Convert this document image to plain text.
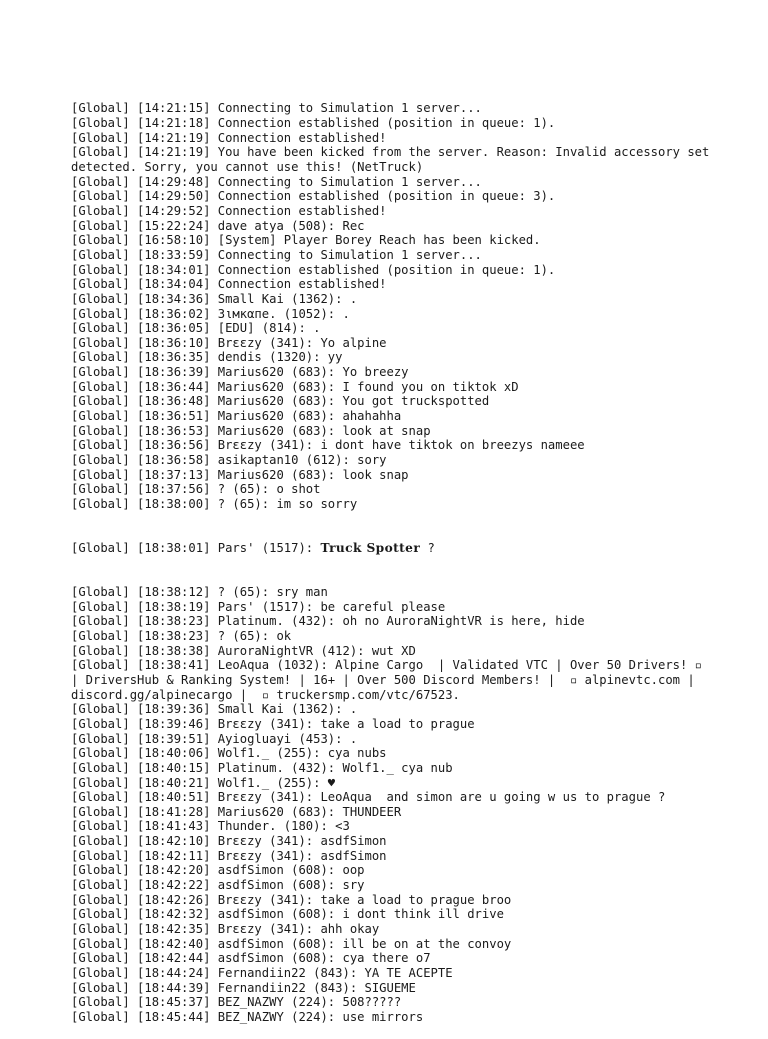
[Global] [14:21:15] Connecting to Simulation 1 server...
[Global] [14:21:18] Connection established (position in queue: 1).
[Global] [14:21:19] Connection established!
[Global] [14:21:19] You have been kicked from the server. Reason: Invalid accessory set detected. Sorry, you cannot use this! (NetTruck)
[Global] [14:29:48] Connecting to Simulation 1 server...
[Global] [14:29:50] Connection established (position in queue: 3).
[Global] [14:29:52] Connection established!
[Global] [15:22:24] dave atya (508): Rec
[Global] [16:58:10] [System] Player Borey Reach has been kicked.
[Global] [18:33:59] Connecting to Simulation 1 server...
[Global] [18:34:01] Connection established (position in queue: 1).
[Global] [18:34:04] Connection established!
[Global] [18:34:36] Small Kai (1362): .
[Global] [18:36:02] Зιмкαпе. (1052): .
[Global] [18:36:05] [EDU] (814): .
[Global] [18:36:10] Brεεzy (341): Yo alpine
[Global] [18:36:35] dendis (1320): yy
[Global] [18:36:39] Marius620 (683): Yo breezy
[Global] [18:36:44] Marius620 (683): I found you on tiktok xD
[Global] [18:36:48] Marius620 (683): You got truckspotted
[Global] [18:36:51] Marius620 (683): ahahahha
[Global] [18:36:53] Marius620 (683): look at snap
[Global] [18:36:56] Brεεzy (341): i dont have tiktok on breezys nameee
[Global] [18:36:58] asikaptan10 (612): sory
[Global] [18:37:13] Marius620 (683): look snap
[Global] [18:37:56] ? (65): o shot
[Global] [18:38:00] ? (65): im so sorry

[Global] [18:38:01] Pars' (1517): Truck Spotter ?

[Global] [18:38:12] ? (65): sry man
[Global] [18:38:19] Pars' (1517): be careful please
[Global] [18:38:23] Platinum. (432): oh no AuroraNightVR is here, hide
[Global] [18:38:23] ? (65): ok
[Global] [18:38:38] AuroraNightVR (412): wut XD
[Global] [18:38:41] LeoAqua (1032): Alpine Cargo  | Validated VTC | Over 50 Drivers! ▫  | DriversHub & Ranking System! | 16+ | Over 500 Discord Members! |  ▫ alpinevtc.com |  discord.gg/alpinecargo |  ▫ truckersmp.com/vtc/67523.
[Global] [18:39:36] Small Kai (1362): .
[Global] [18:39:46] Brεεzy (341): take a load to prague
[Global] [18:39:51] Ayiogluayi (453): .
[Global] [18:40:06] Wolf1._ (255): cya nubs
[Global] [18:40:15] Platinum. (432): Wolf1._ cya nub
[Global] [18:40:21] Wolf1._ (255): ♥
[Global] [18:40:51] Brεεzy (341): LeoAqua  and simon are u going w us to prague ?
[Global] [18:41:28] Marius620 (683): THUNDEER
[Global] [18:41:43] Thunder. (180): <3
[Global] [18:42:10] Brεεzy (341): asdfSimon
[Global] [18:42:11] Brεεzy (341): asdfSimon
[Global] [18:42:20] asdfSimon (608): oop
[Global] [18:42:22] asdfSimon (608): sry
[Global] [18:42:26] Brεεzy (341): take a load to prague broo
[Global] [18:42:32] asdfSimon (608): i dont think ill drive
[Global] [18:42:35] Brεεzy (341): ahh okay
[Global] [18:42:40] asdfSimon (608): ill be on at the convoy
[Global] [18:42:44] asdfSimon (608): cya there o7
[Global] [18:44:24] Fernandiin22 (843): YA TE ACEPTE
[Global] [18:44:39] Fernandiin22 (843): SIGUEME
[Global] [18:45:37] BEZ_NAZWY (224): 508?????
[Global] [18:45:44] BEZ_NAZWY (224): use mirrors
